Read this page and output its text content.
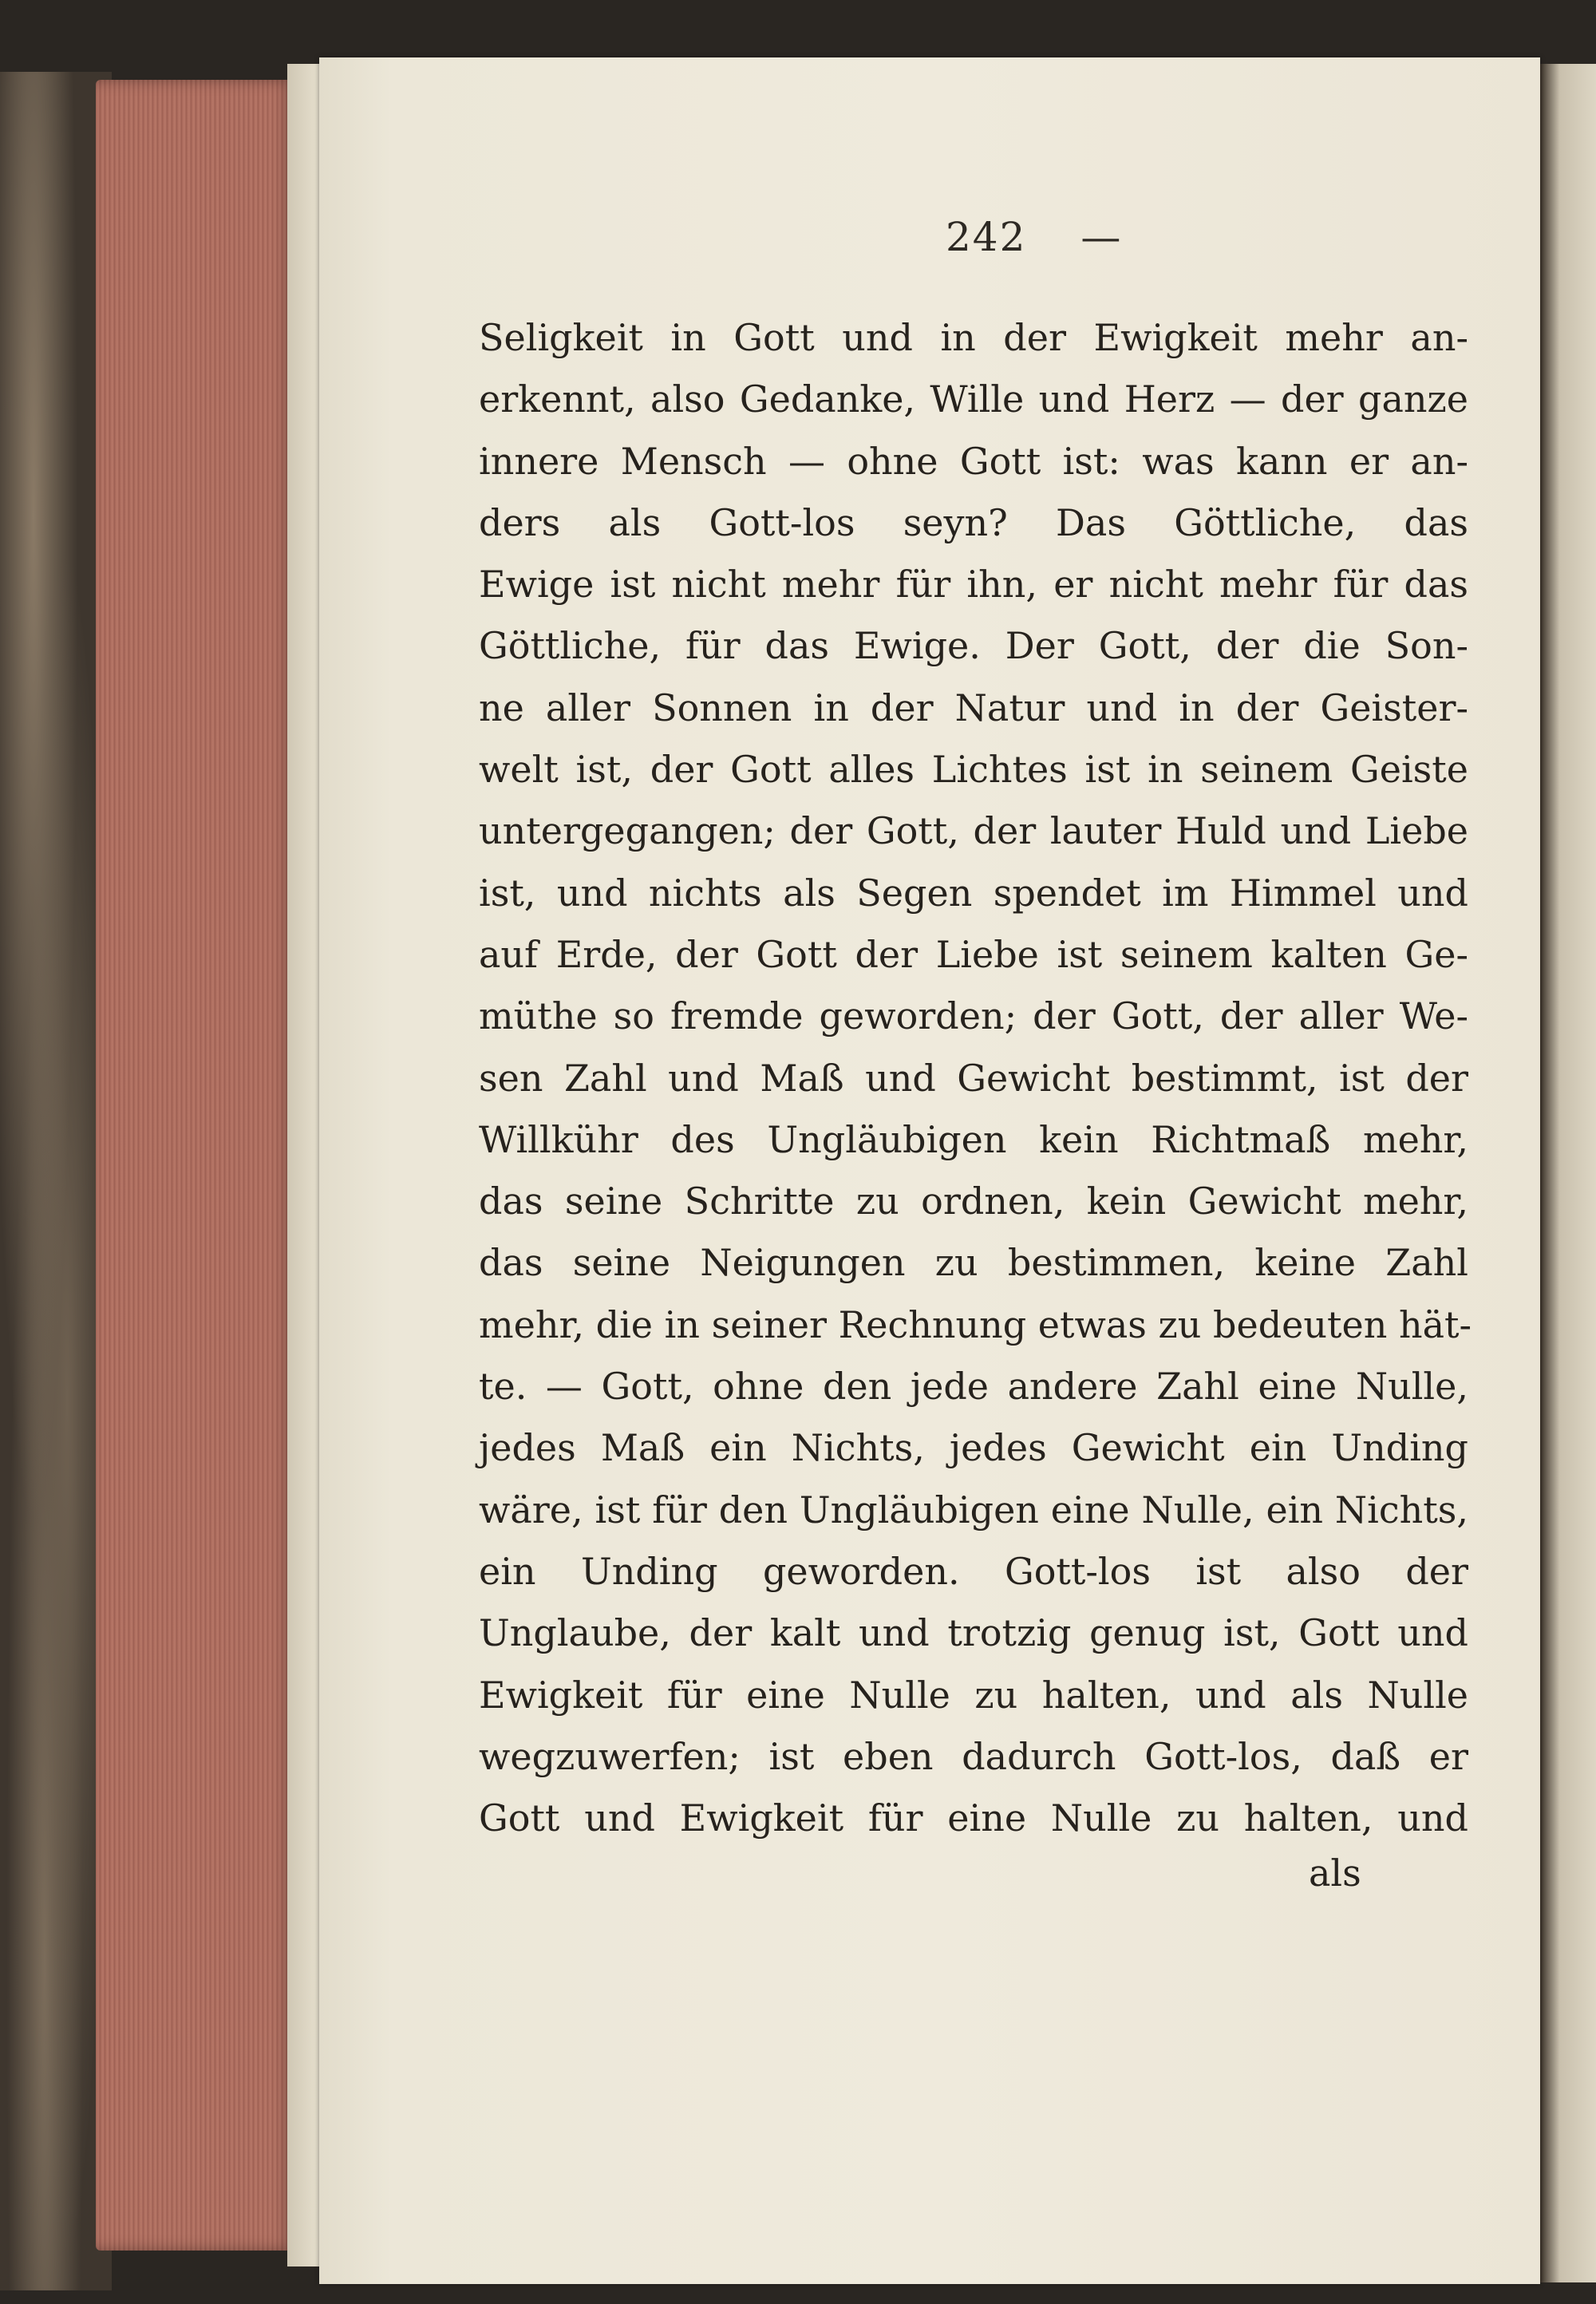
242 —
Seligkeit in Gott und in der Ewigkeit mehr an-
erkennt, also Gedanke, Wille und Herz — der ganze
innere Mensch — ohne Gott ist: was kann er an-
ders als Gott-los seyn? Das Göttliche, das
Ewige ist nicht mehr für ihn, er nicht mehr für das
Göttliche, für das Ewige. Der Gott, der die Son-
ne aller Sonnen in der Natur und in der Geister-
welt ist, der Gott alles Lichtes ist in seinem Geiste
untergegangen; der Gott, der lauter Huld und Liebe
ist, und nichts als Segen spendet im Himmel und
auf Erde, der Gott der Liebe ist seinem kalten Ge-
müthe so fremde geworden; der Gott, der aller We-
sen Zahl und Maß und Gewicht bestimmt, ist der
Willkühr des Ungläubigen kein Richtmaß mehr,
das seine Schritte zu ordnen, kein Gewicht mehr,
das seine Neigungen zu bestimmen, keine Zahl
mehr, die in seiner Rechnung etwas zu bedeuten hät-
te. — Gott, ohne den jede andere Zahl eine Nulle,
jedes Maß ein Nichts, jedes Gewicht ein Unding
wäre, ist für den Ungläubigen eine Nulle, ein Nichts,
ein Unding geworden. Gott-los ist also der
Unglaube, der kalt und trotzig genug ist, Gott und
Ewigkeit für eine Nulle zu halten, und als Nulle
wegzuwerfen; ist eben dadurch Gott-los, daß er
Gott und Ewigkeit für eine Nulle zu halten, und
als
